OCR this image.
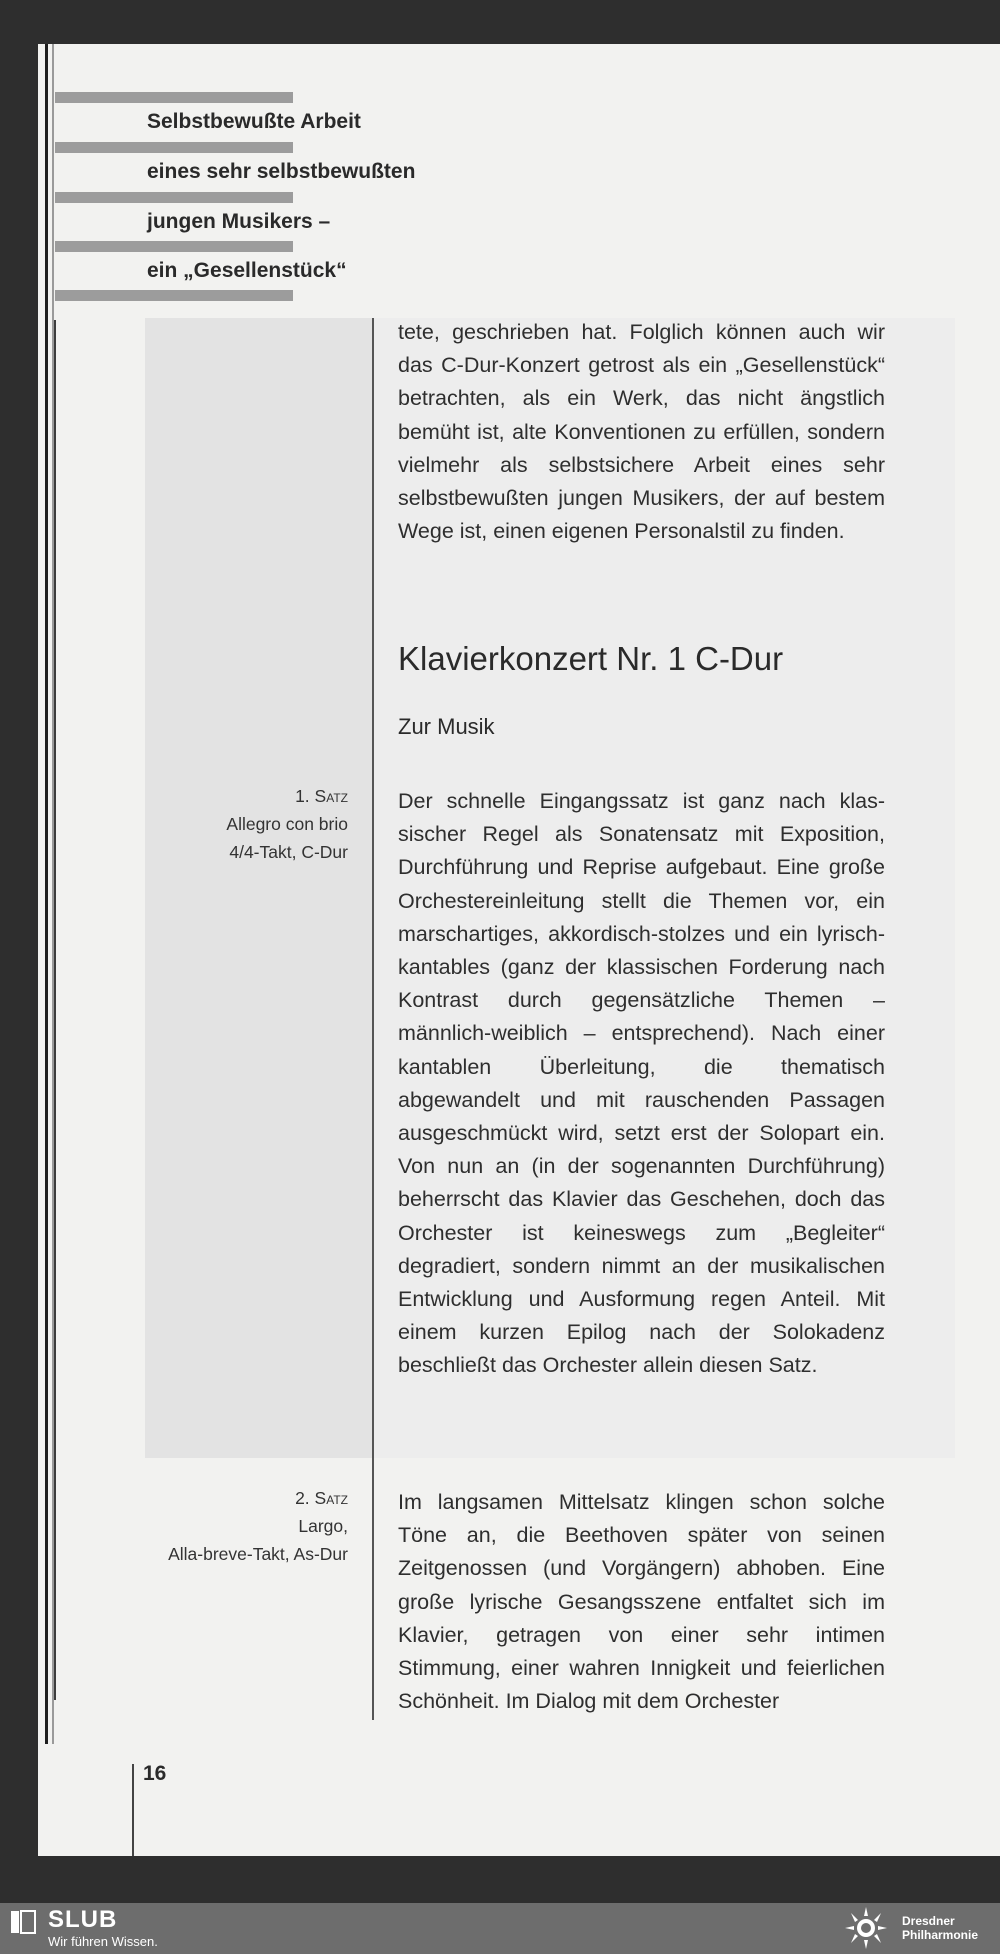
Selbstbewußte Arbeit
eines sehr selbstbewußten
jungen Musikers –
ein „Gesellenstück“

tete, geschrieben hat. Folglich können auch wir das C-Dur-Konzert getrost als ein „Gesellenstück“ betrachten, als ein Werk, das nicht ängstlich bemüht ist, alte Konventionen zu erfüllen, sondern vielmehr als selbstsichere Arbeit eines sehr selbstbewußten jungen Musikers, der auf bestem Wege ist, einen eigenen Personalstil zu finden.

Klavierkonzert Nr. 1 C-Dur
Zur Musik
1. Satz
Allegro con brio
4/4-Takt, C-Dur

Der schnelle Eingangssatz ist ganz nach klassischer Regel als Sonatensatz mit Exposition, Durchführung und Reprise aufgebaut. Eine große Orchestereinleitung stellt die Themen vor, ein marschartiges, akkordisch-stolzes und ein lyrisch-kantables (ganz der klassischen Forderung nach Kontrast durch gegensätzliche Themen – männlich-weiblich – entsprechend). Nach einer kantablen Überleitung, die thematisch abgewandelt und mit rauschenden Passagen ausgeschmückt wird, setzt erst der Solopart ein. Von nun an (in der sogenannten Durchführung) beherrscht das Klavier das Geschehen, doch das Orchester ist keineswegs zum „Begleiter“ degradiert, sondern nimmt an der musikalischen Entwicklung und Ausformung regen Anteil. Mit einem kurzen Epilog nach der Solokadenz beschließt das Orchester allein diesen Satz.

2. Satz
Largo,
Alla-breve-Takt, As-Dur

Im langsamen Mittelsatz klingen schon solche Töne an, die Beethoven später von seinen Zeitgenossen (und Vorgängern) abhoben. Eine große lyrische Gesangsszene entfaltet sich im Klavier, getragen von einer sehr intimen Stimmung, einer wahren Innigkeit und feierlichen Schönheit. Im Dialog mit dem Orchester

16
SLUB
Wir führen Wissen.
Dresdner
Philharmonie
